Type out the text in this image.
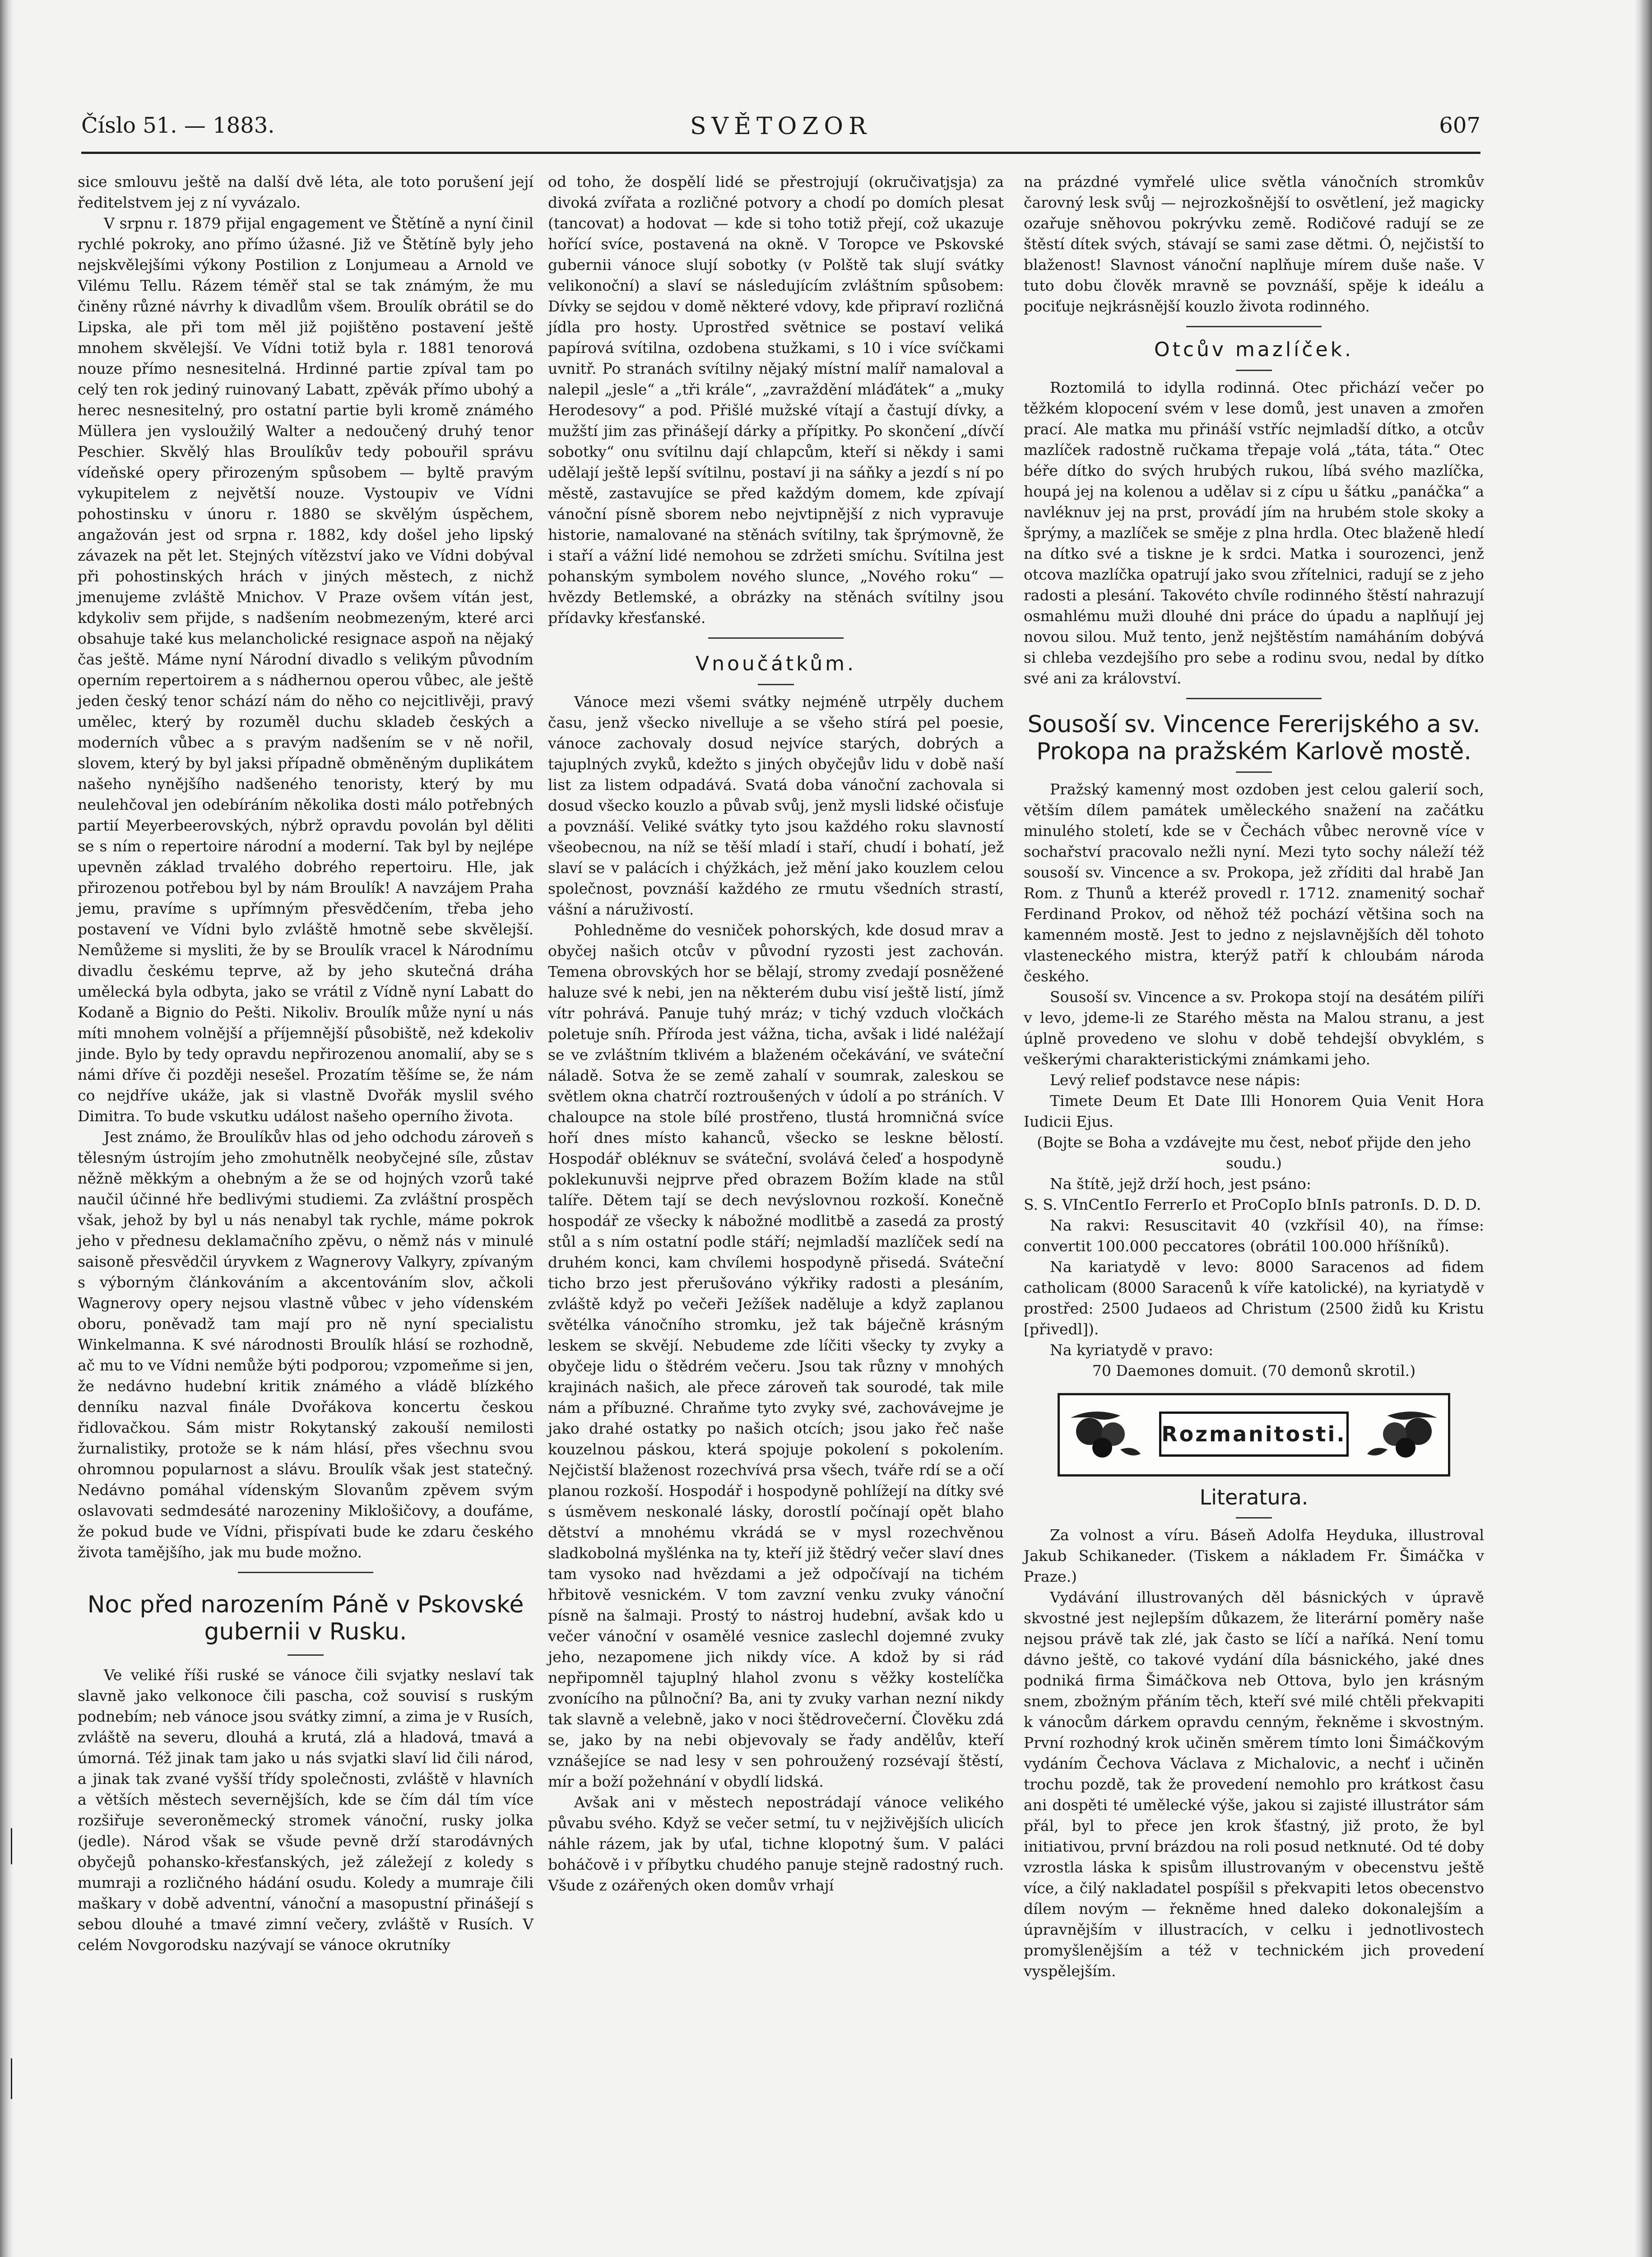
SVĚTOZOR
Číslo 51. — 1883.	607

sice smlouvu ještě na další dvě léta, ale toto porušení její ředitelstvem jej z ní vyvázalo.

V srpnu r. 1879 přijal engagement ve Štětíně a nyní činil rychlé pokroky, ano přímo úžasné. Již ve Štětíně byly jeho nejskvělejšími výkony Postilion z Lonjumeau a Arnold ve Vilému Tellu. Rázem téměř stal se tak známým, že mu činěny různé návrhy k divadlům všem. Broulík obrátil se do Lipska, ale při tom měl již pojištěno postavení ještě mnohem skvělejší. Ve Vídni totiž byla r. 1881 tenorová nouze přímo nesnesitelná. Hrdinné partie zpíval tam po celý ten rok jediný ruinovaný Labatt, zpěvák přímo ubohý a herec nesnesitelný, pro ostatní partie byli kromě známého Müllera jen vysloužilý Walter a nedoučený druhý tenor Peschier. Skvělý hlas Broulíkův tedy pobouřil správu vídeňské opery přirozeným spůsobem — byltě pravým vykupitelem z největší nouze. Vystoupiv ve Vídni pohostinsku v únoru r. 1880 se skvělým úspěchem, angažován jest od srpna r. 1882, kdy došel jeho lipský závazek na pět let. Stejných vítězství jako ve Vídni dobýval při pohostinských hrách v jiných městech, z nichž jmenujeme zvláště Mnichov. V Praze ovšem vítán jest, kdykoliv sem přijde, s nadšením neobmezeným, které arci obsahuje také kus melancholické resignace aspoň na nějaký čas ještě. Máme nyní Národní divadlo s velikým původním operním repertoirem a s nádhernou operou vůbec, ale ještě jeden český tenor schází nám do něho co nejcitlivěji, pravý umělec, který by rozuměl duchu skladeb českých a moderních vůbec a s pravým nadšením se v ně nořil, slovem, který by byl jaksi případně obměněným duplikátem našeho nynějšího nadšeného tenoristy, který by mu neulehčoval jen odebíráním několika dosti málo potřebných partií Meyerbeerovských, nýbrž opravdu povolán byl děliti se s ním o repertoire národní a moderní. Tak byl by nejlépe upevněn základ trvalého dobrého repertoiru. Hle, jak přirozenou potřebou byl by nám Broulík! A navzájem Praha jemu, pravíme s upřímným přesvědčením, třeba jeho postavení ve Vídni bylo zvláště hmotně sebe skvělejší. Nemůžeme si mysliti, že by se Broulík vracel k Národnímu divadlu českému teprve, až by jeho skutečná dráha umělecká byla odbyta, jako se vrátil z Vídně nyní Labatt do Kodaně a Bignio do Pešti. Nikoliv. Broulík může nyní u nás míti mnohem volnější a příjemnější působiště, než kdekoliv jinde. Bylo by tedy opravdu nepřirozenou anomalií, aby se s námi dříve či později nesešel. Prozatím těšíme se, že nám co nejdříve ukáže, jak si vlastně Dvořák myslil svého Dimitra. To bude vskutku událost našeho operního života.

Jest známo, že Broulíkův hlas od jeho odchodu zároveň s tělesným ústrojím jeho zmohutnělk neobyčejné síle, zůstav něžně měkkým a ohebným a že se od hojných vzorů také naučil účinné hře bedlivými studiemi. Za zvláštní prospěch však, jehož by byl u nás nenabyl tak rychle, máme pokrok jeho v přednesu deklamačního zpěvu, o němž nás v minulé saisoně přesvědčil úryvkem z Wagnerovy Valkyry, zpívaným s výborným článkováním a akcentováním slov, ačkoli Wagnerovy opery nejsou vlastně vůbec v jeho vídenském oboru, poněvadž tam mají pro ně nyní specialistu Winkelmanna. K své národnosti Broulík hlásí se rozhodně, ač mu to ve Vídni nemůže býti podporou; vzpomeňme si jen, že nedávno hudební kritik známého a vládě blízkého denníku nazval finále Dvořákova koncertu českou řidlovačkou. Sám mistr Rokytanský zakouší nemilosti žurnalistiky, protože se k nám hlásí, přes všechnu svou ohromnou popularnost a slávu. Broulík však jest statečný. Nedávno pomáhal vídenským Slovanům zpěvem svým oslavovati sedmdesáté narozeniny Miklošičovy, a doufáme, že pokud bude ve Vídni, přispívati bude ke zdaru českého života tamějšího, jak mu bude možno.

Noc před narozením Páně v Pskovské gubernii v Rusku.

Ve veliké říši ruské se vánoce čili svjatky neslaví tak slavně jako velkonoce čili pascha, což souvisí s ruským podnebím; neb vánoce jsou svátky zimní, a zima je v Rusích, zvláště na severu, dlouhá a krutá, zlá a hladová, tmavá a úmorná. Též jinak tam jako u nás svjatki slaví lid čili národ, a jinak tak zvané vyšší třídy společnosti, zvláště v hlavních a větších městech severnějších, kde se čím dál tím více rozšiřuje severoněmecký stromek vánoční, rusky jolka (jedle). Národ však se všude pevně drží starodávných obyčejů pohansko-křesťanských, jež záležejí z koledy s mumraji a rozličného hádání osudu. Koledy a mumraje čili maškary v době adventní, vánoční a masopustní přinášejí s sebou dlouhé a tmavé zimní večery, zvláště v Rusích. V celém Novgorodsku nazývají se vánoce okrutníky

od toho, že dospělí lidé se přestrojují (okručivatjsja) za divoká zvířata a rozličné potvory a chodí po domích plesat (tancovat) a hodovat — kde si toho totiž přejí, což ukazuje hořící svíce, postavená na okně. V Toropce ve Pskovské gubernii vánoce slují sobotky (v Polště tak slují svátky velikonoční) a slaví se následujícím zvláštním spůsobem: Dívky se sejdou v domě některé vdovy, kde připraví rozličná jídla pro hosty. Uprostřed světnice se postaví veliká papírová svítilna, ozdobena stužkami, s 10 i více svíčkami uvnitř. Po stranách svítilny nějaký místní malíř namaloval a nalepil „jesle“ a „tři krále“, „zavraždění mláďátek“ a „muky Herodesovy“ a pod. Přišlé mužské vítají a častují dívky, a mužští jim zas přinášejí dárky a přípitky. Po skončení „dívčí sobotky“ onu svítilnu dají chlapcům, kteří si někdy i sami udělají ještě lepší svítilnu, postaví ji na sáňky a jezdí s ní po městě, zastavujíce se před každým domem, kde zpívají vánoční písně sborem nebo nejvtipnější z nich vypravuje historie, namalované na stěnách svítilny, tak šprýmovně, že i staří a vážní lidé nemohou se zdržeti smíchu. Svítilna jest pohanským symbolem nového slunce, „Nového roku“ — hvězdy Betlemské, a obrázky na stěnách svítilny jsou přídavky křesťanské.

Vnoučátkům.

Vánoce mezi všemi svátky nejméně utrpěly duchem času, jenž všecko nivelluje a se všeho stírá pel poesie, vánoce zachovaly dosud nejvíce starých, dobrých a tajuplných zvyků, kdežto s jiných obyčejův lidu v době naší list za listem odpadává. Svatá doba vánoční zachovala si dosud všecko kouzlo a půvab svůj, jenž mysli lidské očisťuje a povznáší. Veliké svátky tyto jsou každého roku slavností všeobecnou, na níž se těší mladí i staří, chudí i bohatí, jež slaví se v palácích i chýžkách, jež mění jako kouzlem celou společnost, povznáší každého ze rmutu všedních strastí, vášní a náruživostí.

Pohledněme do vesniček pohorských, kde dosud mrav a obyčej našich otcův v původní ryzosti jest zachován. Temena obrovských hor se bělají, stromy zvedají posněžené haluze své k nebi, jen na některém dubu visí ještě listí, jímž vítr pohrává. Panuje tuhý mráz; v tichý vzduch vločkách poletuje sníh. Příroda jest vážna, ticha, avšak i lidé naléžají se ve zvláštním tklivém a blaženém očekávání, ve sváteční náladě. Sotva že se země zahalí v soumrak, zaleskou se světlem okna chatrčí roztroušených v údolí a po stráních. V chaloupce na stole bílé prostřeno, tlustá hromničná svíce hoří dnes místo kahanců, všecko se leskne bělostí. Hospodář obléknuv se sváteční, svolává čeleď a hospodyně poklekunuvši nejprve před obrazem Božím klade na stůl talíře. Dětem tají se dech nevýslovnou rozkoší. Konečně hospodář ze všecky k nábožné modlitbě a zasedá za prostý stůl a s ním ostatní podle stáří; nejmladší mazlíček sedí na druhém konci, kam chvílemi hospodyně přisedá. Sváteční ticho brzo jest přerušováno výkřiky radosti a plesáním, zvláště když po večeři Ježíšek naděluje a když zaplanou světélka vánočního stromku, jež tak báječně krásným leskem se skvějí. Nebudeme zde líčiti všecky ty zvyky a obyčeje lidu o štědrém večeru. Jsou tak různy v mnohých krajinách našich, ale přece zároveň tak sourodé, tak mile nám a příbuzné. Chraňme tyto zvyky své, zachovávejme je jako drahé ostatky po našich otcích; jsou jako řeč naše kouzelnou páskou, která spojuje pokolení s pokolením. Nejčistší blaženost rozechvívá prsa všech, tváře rdí se a očí planou rozkoší. Hospodář i hospodyně pohlížejí na dítky své s úsměvem neskonalé lásky, dorostlí počínají opět blaho dětství a mnohému vkrádá se v mysl rozechvěnou sladkobolná myšlénka na ty, kteří již štědrý večer slaví dnes tam vysoko nad hvězdami a jež odpočívají na tichém hřbitově vesnickém. V tom zavzní venku zvuky vánoční písně na šalmaji. Prostý to nástroj hudební, avšak kdo u večer vánoční v osamělé vesnice zaslechl dojemné zvuky jeho, nezapomene jich nikdy více. A kdož by si rád nepřipomněl tajuplný hlahol zvonu s věžky kostelíčka zvonícího na půlnoční? Ba, ani ty zvuky varhan nezní nikdy tak slavně a velebně, jako v noci štědrovečerní. Člověku zdá se, jako by na nebi objevovaly se řady andělův, kteří vznášejíce se nad lesy v sen pohroužený rozsévají štěstí, mír a boží požehnání v obydlí lidská.

Avšak ani v městech nepostrádají vánoce velikého půvabu svého. Když se večer setmí, tu v nejživějších ulicích náhle rázem, jak by uťal, tichne klopotný šum. V paláci boháčově i v příbytku chudého panuje stejně radostný ruch. Všude z ozářených oken domův vrhají

na prázdné vymřelé ulice světla vánočních stromkův čarovný lesk svůj — nejrozkošnější to osvětlení, jež magicky ozařuje sněhovou pokrývku země. Rodičové radují se ze štěstí dítek svých, stávají se sami zase dětmi. Ó, nejčistší to blaženost! Slavnost vánoční naplňuje mírem duše naše. V tuto dobu člověk mravně se povznáší, spěje k ideálu a pociťuje nejkrásnější kouzlo života rodinného.

Otcův mazlíček.

Roztomilá to idylla rodinná. Otec přichází večer po těžkém klopocení svém v lese domů, jest unaven a zmořen prací. Ale matka mu přináší vstříc nejmladší dítko, a otcův mazlíček radostně ručkama třepaje volá „táta, táta.“ Otec béře dítko do svých hrubých rukou, líbá svého mazlíčka, houpá jej na kolenou a udělav si z cípu u šátku „panáčka“ a navléknuv jej na prst, provádí jím na hrubém stole skoky a šprýmy, a mazlíček se směje z plna hrdla. Otec blaženě hledí na dítko své a tiskne je k srdci. Matka i sourozenci, jenž otcova mazlíčka opatrují jako svou zřítelnici, radují se z jeho radosti a plesání. Takovéto chvíle rodinného štěstí nahrazují osmahlému muži dlouhé dni práce do úpadu a naplňují jej novou silou. Muž tento, jenž nejštěstím namáháním dobývá si chleba vezdejšího pro sebe a rodinu svou, nedal by dítko své ani za království.

Sousoší sv. Vincence Fererijského a sv. Prokopa na pražském Karlově mostě.

Pražský kamenný most ozdoben jest celou galerií soch, větším dílem památek uměleckého snažení na začátku minulého století, kde se v Čechách vůbec nerovně více v sochařství pracovalo nežli nyní. Mezi tyto sochy náleží též sousoší sv. Vincence a sv. Prokopa, jež zříditi dal hrabě Jan Rom. z Thunů a kteréž provedl r. 1712. znamenitý sochař Ferdinand Prokov, od něhož též pochází většina soch na kamenném mostě. Jest to jedno z nejslavnějších děl tohoto vlasteneckého mistra, kterýž patří k chloubám národa českého.

Sousoší sv. Vincence a sv. Prokopa stojí na desátém pilíři v levo, jdeme-li ze Starého města na Malou stranu, a jest úplně provedeno ve slohu v době tehdejší obvyklém, s veškerými charakteristickými známkami jeho.

Levý relief podstavce nese nápis:

Timete Deum Et Date Illi Honorem Quia Venit Hora Iudicii Ejus.

(Bojte se Boha a vzdávejte mu čest, neboť přijde den jeho soudu.)

Na štítě, jejž drží hoch, jest psáno:

S. S. VInCentIo FerrerIo et ProCopIo bInIs patronIs. D. D. D.

Na rakvi: Resuscitavit 40 (vzkřísil 40), na římse: convertit 100.000 peccatores (obrátil 100.000 hříšníků).

Na kariatydě v levo: 8000 Saracenos ad fidem catholicam (8000 Saracenů k víře katolické), na kyriatydě v prostřed: 2500 Judaeos ad Christum (2500 židů ku Kristu [přivedl]).

Na kyriatydě v pravo:

70 Daemones domuit. (70 demonů skrotil.)

Rozmanitosti.
Literatura.

Za volnost a víru. Báseň Adolfa Heyduka, illustroval Jakub Schikaneder. (Tiskem a nákladem Fr. Šimáčka v Praze.)

Vydávání illustrovaných děl básnických v úpravě skvostné jest nejlepším důkazem, že literární poměry naše nejsou právě tak zlé, jak často se líčí a naříká. Není tomu dávno ještě, co takové vydání díla básnického, jaké dnes podniká firma Šimáčkova neb Ottova, bylo jen krásným snem, zbožným přáním těch, kteří své milé chtěli překvapiti k vánocům dárkem opravdu cenným, řekněme i skvostným. První rozhodný krok učiněn směrem tímto loni Šimáčkovým vydáním Čechova Václava z Michalovic, a nechť i učiněn trochu pozdě, tak že provedení nemohlo pro krátkost času ani dospěti té umělecké výše, jakou si zajisté illustrátor sám přál, byl to přece jen krok šťastný, již proto, že byl initiativou, první brázdou na roli posud netknuté. Od té doby vzrostla láska k spisům illustrovaným v obecenstvu ještě více, a čilý nakladatel pospíšil s překvapiti letos obecenstvo dílem novým — řekněme hned daleko dokonalejším a úpravnějším v illustracích, v celku i jednotlivostech promyšlenějším a též v technickém jich provedení vyspělejším.
